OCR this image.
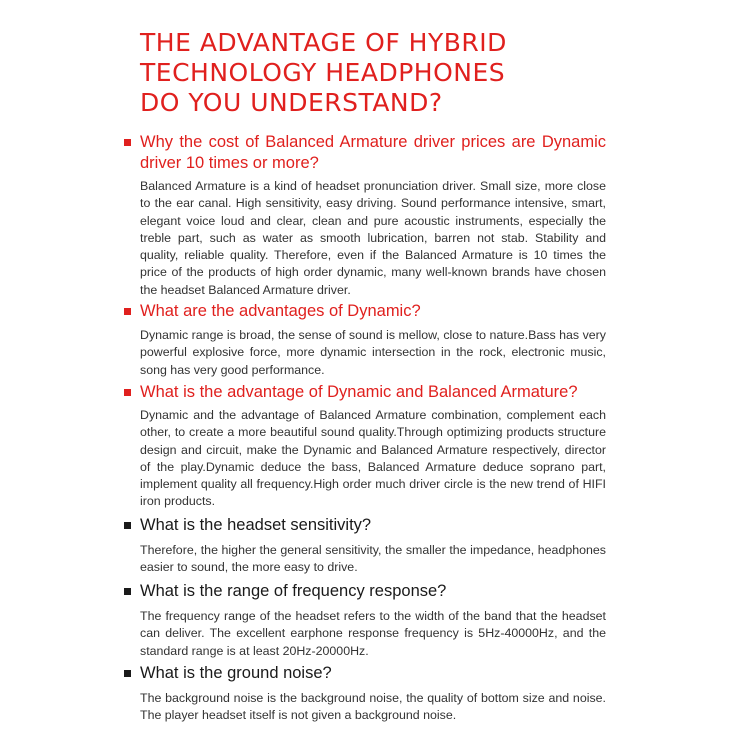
THE ADVANTAGE OF HYBRID
TECHNOLOGY HEADPHONES
DO YOU UNDERSTAND?
Why the cost of Balanced Armature driver prices are Dynamic driver 10 times or more?
Balanced Armature is a kind of headset pronunciation driver. Small size, more close to the ear canal. High sensitivity, easy driving. Sound performance intensive, smart, elegant voice loud and clear, clean and pure acoustic instruments, especially the treble part, such as water as smooth lubrication, barren not stab. Stability and quality, reliable quality. Therefore, even if the Balanced Armature is 10 times the price of the products of high order dynamic, many well-known brands have chosen the headset Balanced Armature driver.
What are the advantages of Dynamic?
Dynamic range is broad, the sense of sound is mellow, close to nature.Bass has very powerful explosive force, more dynamic intersection in the rock, electronic music, song has very good performance.
What is the advantage of Dynamic and Balanced Armature?
Dynamic and the advantage of Balanced Armature combination, complement each other, to create a more beautiful sound quality.Through optimizing products structure design and circuit, make the Dynamic and Balanced Armature respectively, director of the play.Dynamic deduce the bass, Balanced Armature deduce soprano part, implement quality all frequency.High order much driver circle is the new trend of HIFI iron products.
What is the headset sensitivity?
Therefore, the higher the general sensitivity, the smaller the impedance, headphones easier to sound, the more easy to drive.
What is the range of frequency response?
The frequency range of the headset refers to the width of the band that the headset can deliver. The excellent earphone response frequency is 5Hz-40000Hz, and the standard range is at least 20Hz-20000Hz.
What is the ground noise?
The background noise is the background noise, the quality of bottom size and noise. The player headset itself is not given a background noise.
